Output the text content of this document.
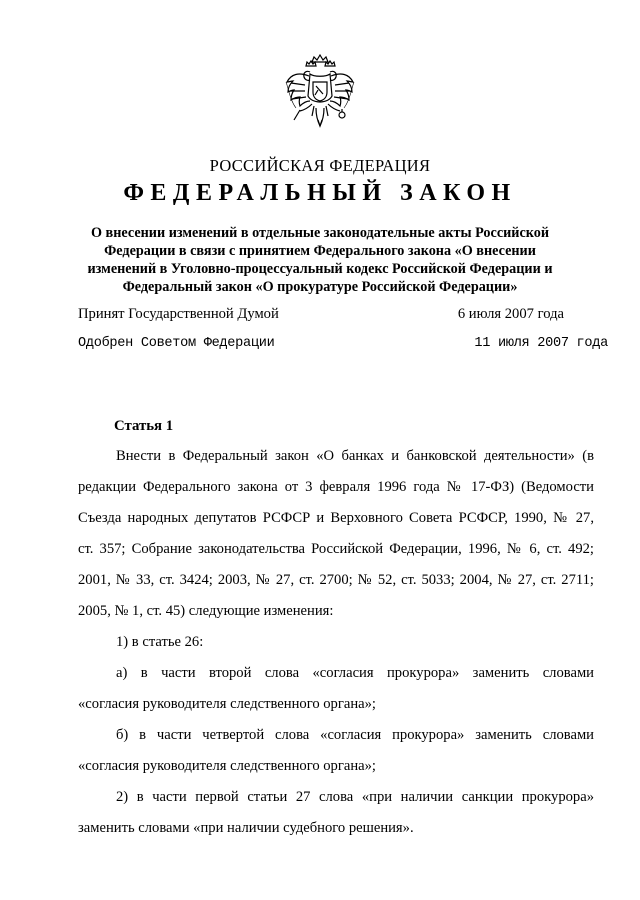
РОССИЙСКАЯ ФЕДЕРАЦИЯ
ФЕДЕРАЛЬНЫЙ ЗАКОН
О внесении изменений в отдельные законодательные акты Российской
Федерации в связи с принятием Федерального закона «О внесении
изменений в Уголовно-процессуальный кодекс Российской Федерации и
Федеральный закон «О прокуратуре Российской Федерации»
Принят Государственной Думой	6 июля 2007 года
Одобрен Советом Федерации	11 июля 2007 года
Статья 1
Внести в Федеральный закон «О банках и банковской деятельности» (в
редакции Федерального закона от 3 февраля 1996 года № 17-ФЗ) (Ведомости
Съезда народных депутатов РСФСР и Верховного Совета РСФСР, 1990, № 27,
ст. 357; Собрание законодательства Российской Федерации, 1996, № 6, ст. 492;
2001, № 33, ст. 3424; 2003, № 27, ст. 2700; № 52, ст. 5033; 2004, № 27, ст. 2711;
2005, № 1, ст. 45) следующие изменения:
1) в статье 26:
а) в части второй слова «согласия прокурора» заменить словами
«согласия руководителя следственного органа»;
б) в части четвертой слова «согласия прокурора» заменить словами
«согласия руководителя следственного органа»;
2) в части первой статьи 27 слова «при наличии санкции прокурора»
заменить словами «при наличии судебного решения».
